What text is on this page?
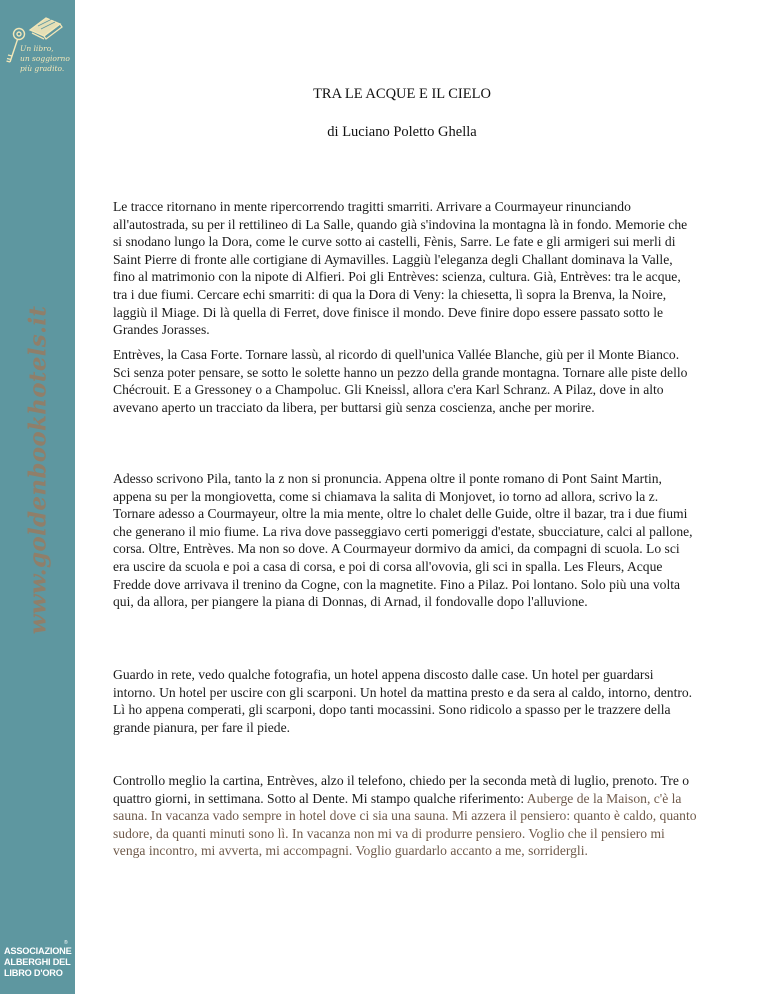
Un libro,
un soggiorno
più gradito.
www.goldenbookhotels.it
®
ASSOCIAZIONE
ALBERGHI DEL
LIBRO D'ORO
TRA LE ACQUE E IL CIELO
di Luciano Poletto Ghella

Le tracce ritornano in mente ripercorrendo tragitti smarriti. Arrivare a Courmayeur rinunciando all'autostrada, su per il rettilineo di La Salle, quando già s'indovina la montagna là in fondo. Memorie che si snodano lungo la Dora, come le curve sotto ai castelli, Fènis, Sarre. Le fate e gli armigeri sui merli di Saint Pierre di fronte alle cortigiane di Aymavilles. Laggiù l'eleganza degli Challant dominava la Valle, fino al matrimonio con la nipote di Alfieri. Poi gli Entrèves: scienza, cultura. Già, Entrèves: tra le acque, tra i due fiumi. Cercare echi smarriti: di qua la Dora di Veny: la chiesetta, lì sopra la Brenva, la Noire, laggiù il Miage. Di là quella di Ferret, dove finisce il mondo. Deve finire dopo essere passato sotto le Grandes Jorasses.

Entrèves, la Casa Forte. Tornare lassù, al ricordo di quell'unica Vallée Blanche, giù per il Monte Bianco. Sci senza poter pensare, se sotto le solette hanno un pezzo della grande montagna. Tornare alle piste dello Chécrouit. E a Gressoney o a Champoluc. Gli Kneissl, allora c'era Karl Schranz. A Pilaz, dove in alto avevano aperto un tracciato da libera, per buttarsi giù senza coscienza, anche per morire.

Adesso scrivono Pila, tanto la z non si pronuncia. Appena oltre il ponte romano di Pont Saint Martin, appena su per la mongiovetta, come si chiamava la salita di Monjovet, io torno ad allora, scrivo la z. Tornare adesso a Courmayeur, oltre la mia mente, oltre lo chalet delle Guide, oltre il bazar, tra i due fiumi che generano il mio fiume. La riva dove passeggiavo certi pomeriggi d'estate, sbucciature, calci al pallone, corsa. Oltre, Entrèves. Ma non so dove. A Courmayeur dormivo da amici, da compagni di scuola. Lo sci era uscire da scuola e poi a casa di corsa, e poi di corsa all'ovovia, gli sci in spalla. Les Fleurs, Acque Fredde dove arrivava il trenino da Cogne, con la magnetite. Fino a Pilaz. Poi lontano. Solo più una volta qui, da allora, per piangere la piana di Donnas, di Arnad, il fondovalle dopo l'alluvione.

Guardo in rete, vedo qualche fotografia, un hotel appena discosto dalle case. Un hotel per guardarsi intorno. Un hotel per uscire con gli scarponi. Un hotel da mattina presto e da sera al caldo, intorno, dentro. Lì ho appena comperati, gli scarponi, dopo tanti mocassini. Sono ridicolo a spasso per le trazzere della grande pianura, per fare il piede.

Controllo meglio la cartina, Entrèves, alzo il telefono, chiedo per la seconda metà di luglio, prenoto. Tre o quattro giorni, in settimana. Sotto al Dente. Mi stampo qualche riferimento: Auberge de la Maison, c'è la sauna. In vacanza vado sempre in hotel dove ci sia una sauna. Mi azzera il pensiero: quanto è caldo, quanto sudore, da quanti minuti sono lì. In vacanza non mi va di produrre pensiero. Voglio che il pensiero mi venga incontro, mi avverta, mi accompagni. Voglio guardarlo accanto a me, sorridergli.
